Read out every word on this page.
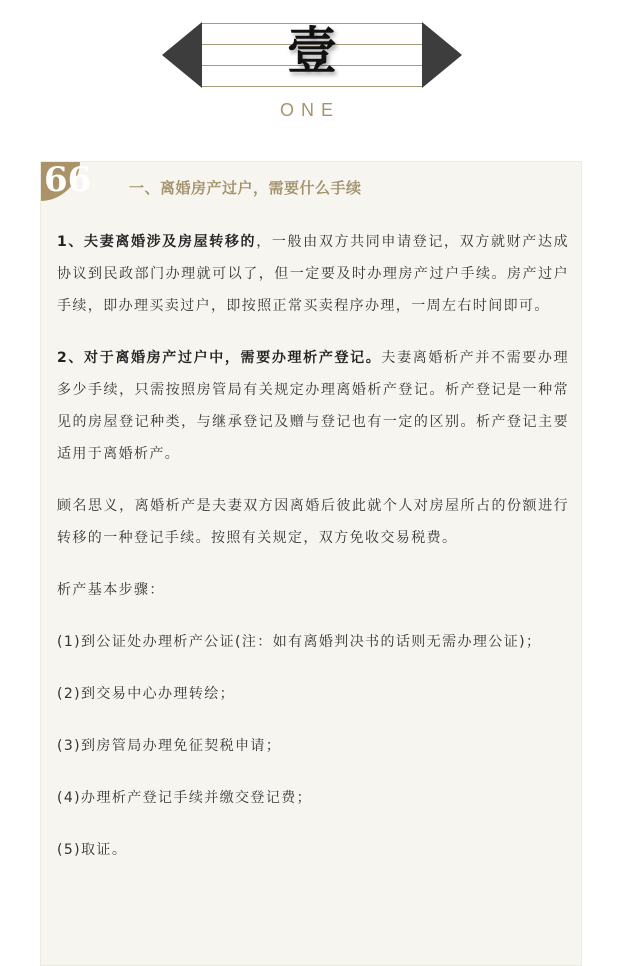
壹
ONE
66	一、离婚房产过户，需要什么手续

1、夫妻离婚涉及房屋转移的，一般由双方共同申请登记，双方就财产达成协议到民政部门办理就可以了，但一定要及时办理房产过户手续。房产过户手续，即办理买卖过户，即按照正常买卖程序办理，一周左右时间即可。

2、对于离婚房产过户中，需要办理析产登记。夫妻离婚析产并不需要办理多少手续，只需按照房管局有关规定办理离婚析产登记。析产登记是一种常见的房屋登记种类，与继承登记及赠与登记也有一定的区别。析产登记主要适用于离婚析产。

顾名思义，离婚析产是夫妻双方因离婚后彼此就个人对房屋所占的份额进行转移的一种登记手续。按照有关规定，双方免收交易税费。

析产基本步骤：

(1)到公证处办理析产公证(注：如有离婚判决书的话则无需办理公证)；

(2)到交易中心办理转绘；

(3)到房管局办理免征契税申请；

(4)办理析产登记手续并缴交登记费；

(5)取证。
